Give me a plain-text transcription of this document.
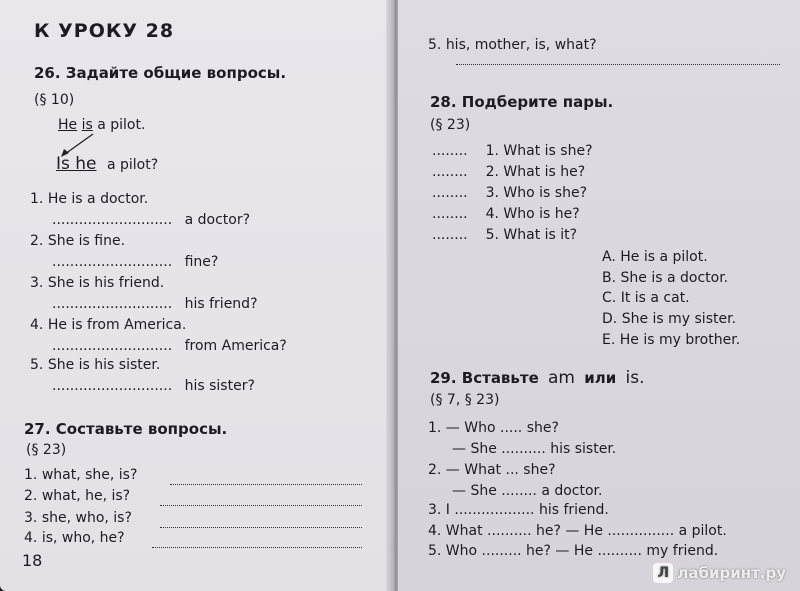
К УРОКУ 28
26. Задайте общие вопросы.
(§ 10)
He is a pilot.
Is he a pilot?
1. He is a doctor.
........................... a doctor?
2. She is fine.
........................... fine?
3. She is his friend.
........................... his friend?
4. He is from America.
........................... from America?
5. She is his sister.
........................... his sister?
27. Составьте вопросы.
(§ 23)
1. what, she, is?
2. what, he, is?
3. she, who, is?
4. is, who, he?
18
5. his, mother, is, what?
28. Подберите пары.
(§ 23)
........ 1. What is she?
........ 2. What is he?
........ 3. Who is she?
........ 4. Who is he?
........ 5. What is it?
A. He is a pilot.
B. She is a doctor.
C. It is a cat.
D. She is my sister.
E. He is my brother.
29. Вставьте am или is.
(§ 7, § 23)
1. — Who ..... she?
— She .......... his sister.
2. — What ... she?
— She ........ a doctor.
3. I .................. his friend.
4. What .......... he? — He ............... a pilot.
5. Who ......... he? — He .......... my friend.
Л лабиринт.ру
